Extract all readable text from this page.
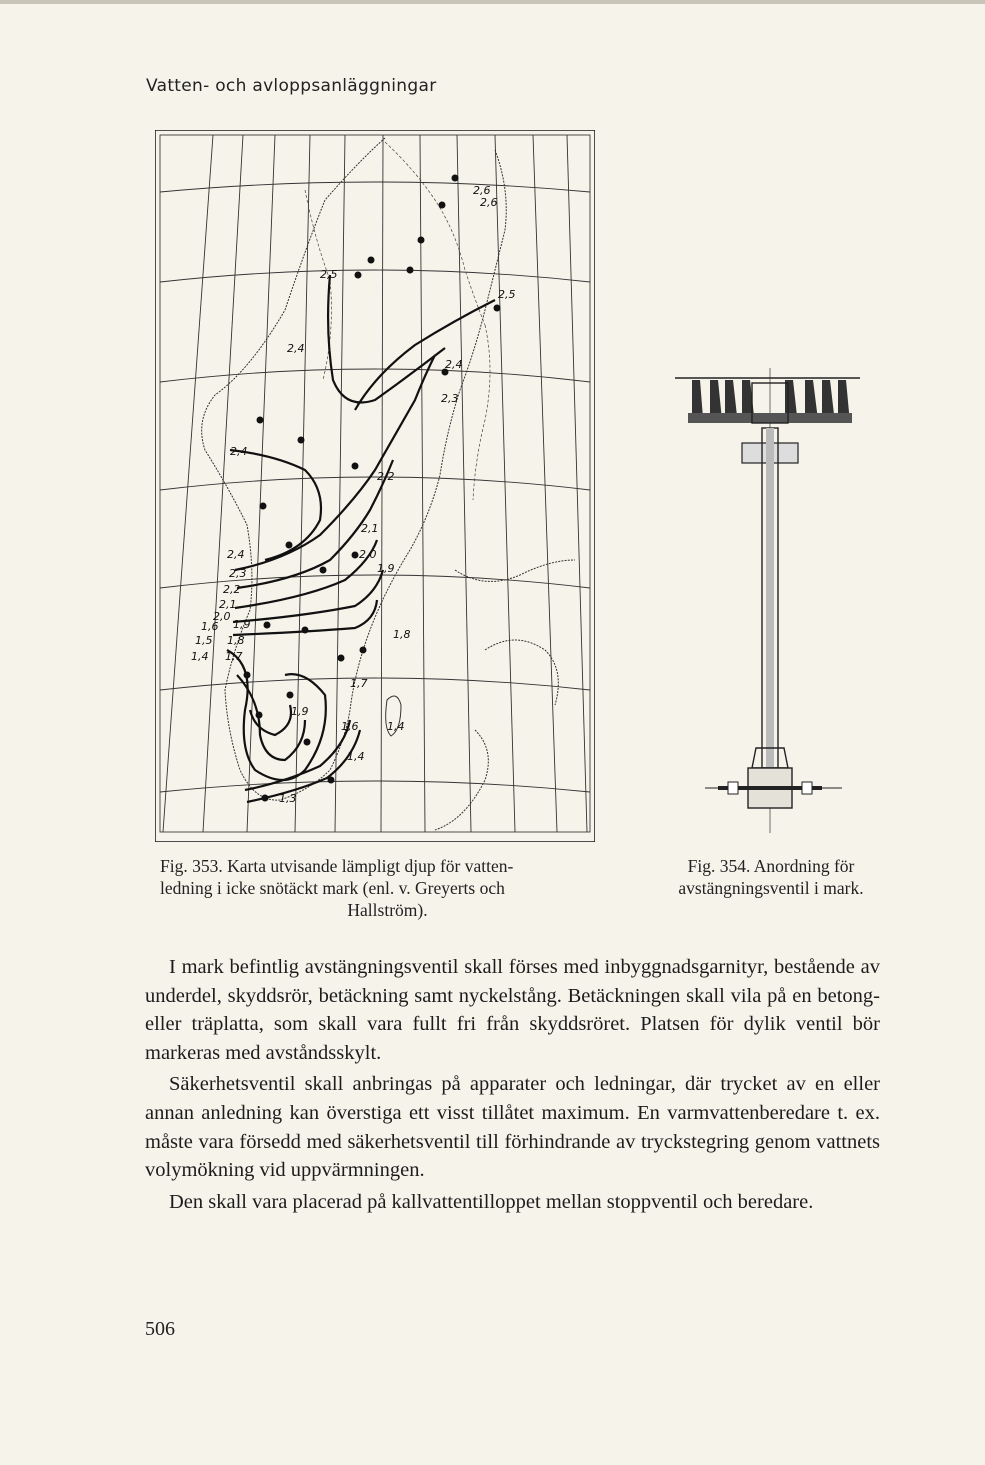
Vatten- och avloppsanläggningar
2,6
2,6
2,5
2,5
2,4
2,4
2,3
2,2
2,4
2,1
2,0
1,9
2,4
2,3
2,2
2,1
2,0
1,9
1,6
1,5
1,4
1,8
1,7
1,8
1,7
1,9
1,6
1,4
1,4
1,3
Fig. 353. Karta utvisande lämpligt djup för vatten-
ledning i icke snötäckt mark (enl. v. Greyerts och
Hallström).
Fig. 354. Anordning för
avstängningsventil i mark.

I mark befintlig avstängningsventil skall förses med inbyggnadsgarnityr, bestående av underdel, skyddsrör, betäckning samt nyckelstång. Betäckningen skall vila på en betong- eller träplatta, som skall vara fullt fri från skyddsröret. Platsen för dylik ventil bör markeras med avståndsskylt.

Säkerhetsventil skall anbringas på apparater och ledningar, där trycket av en eller annan anledning kan överstiga ett visst tillåtet maximum. En varmvattenberedare t. ex. måste vara försedd med säkerhetsventil till förhindrande av tryckstegring genom vattnets volymökning vid uppvärmningen.

Den skall vara placerad på kallvattentilloppet mellan stoppventil och beredare.

506
